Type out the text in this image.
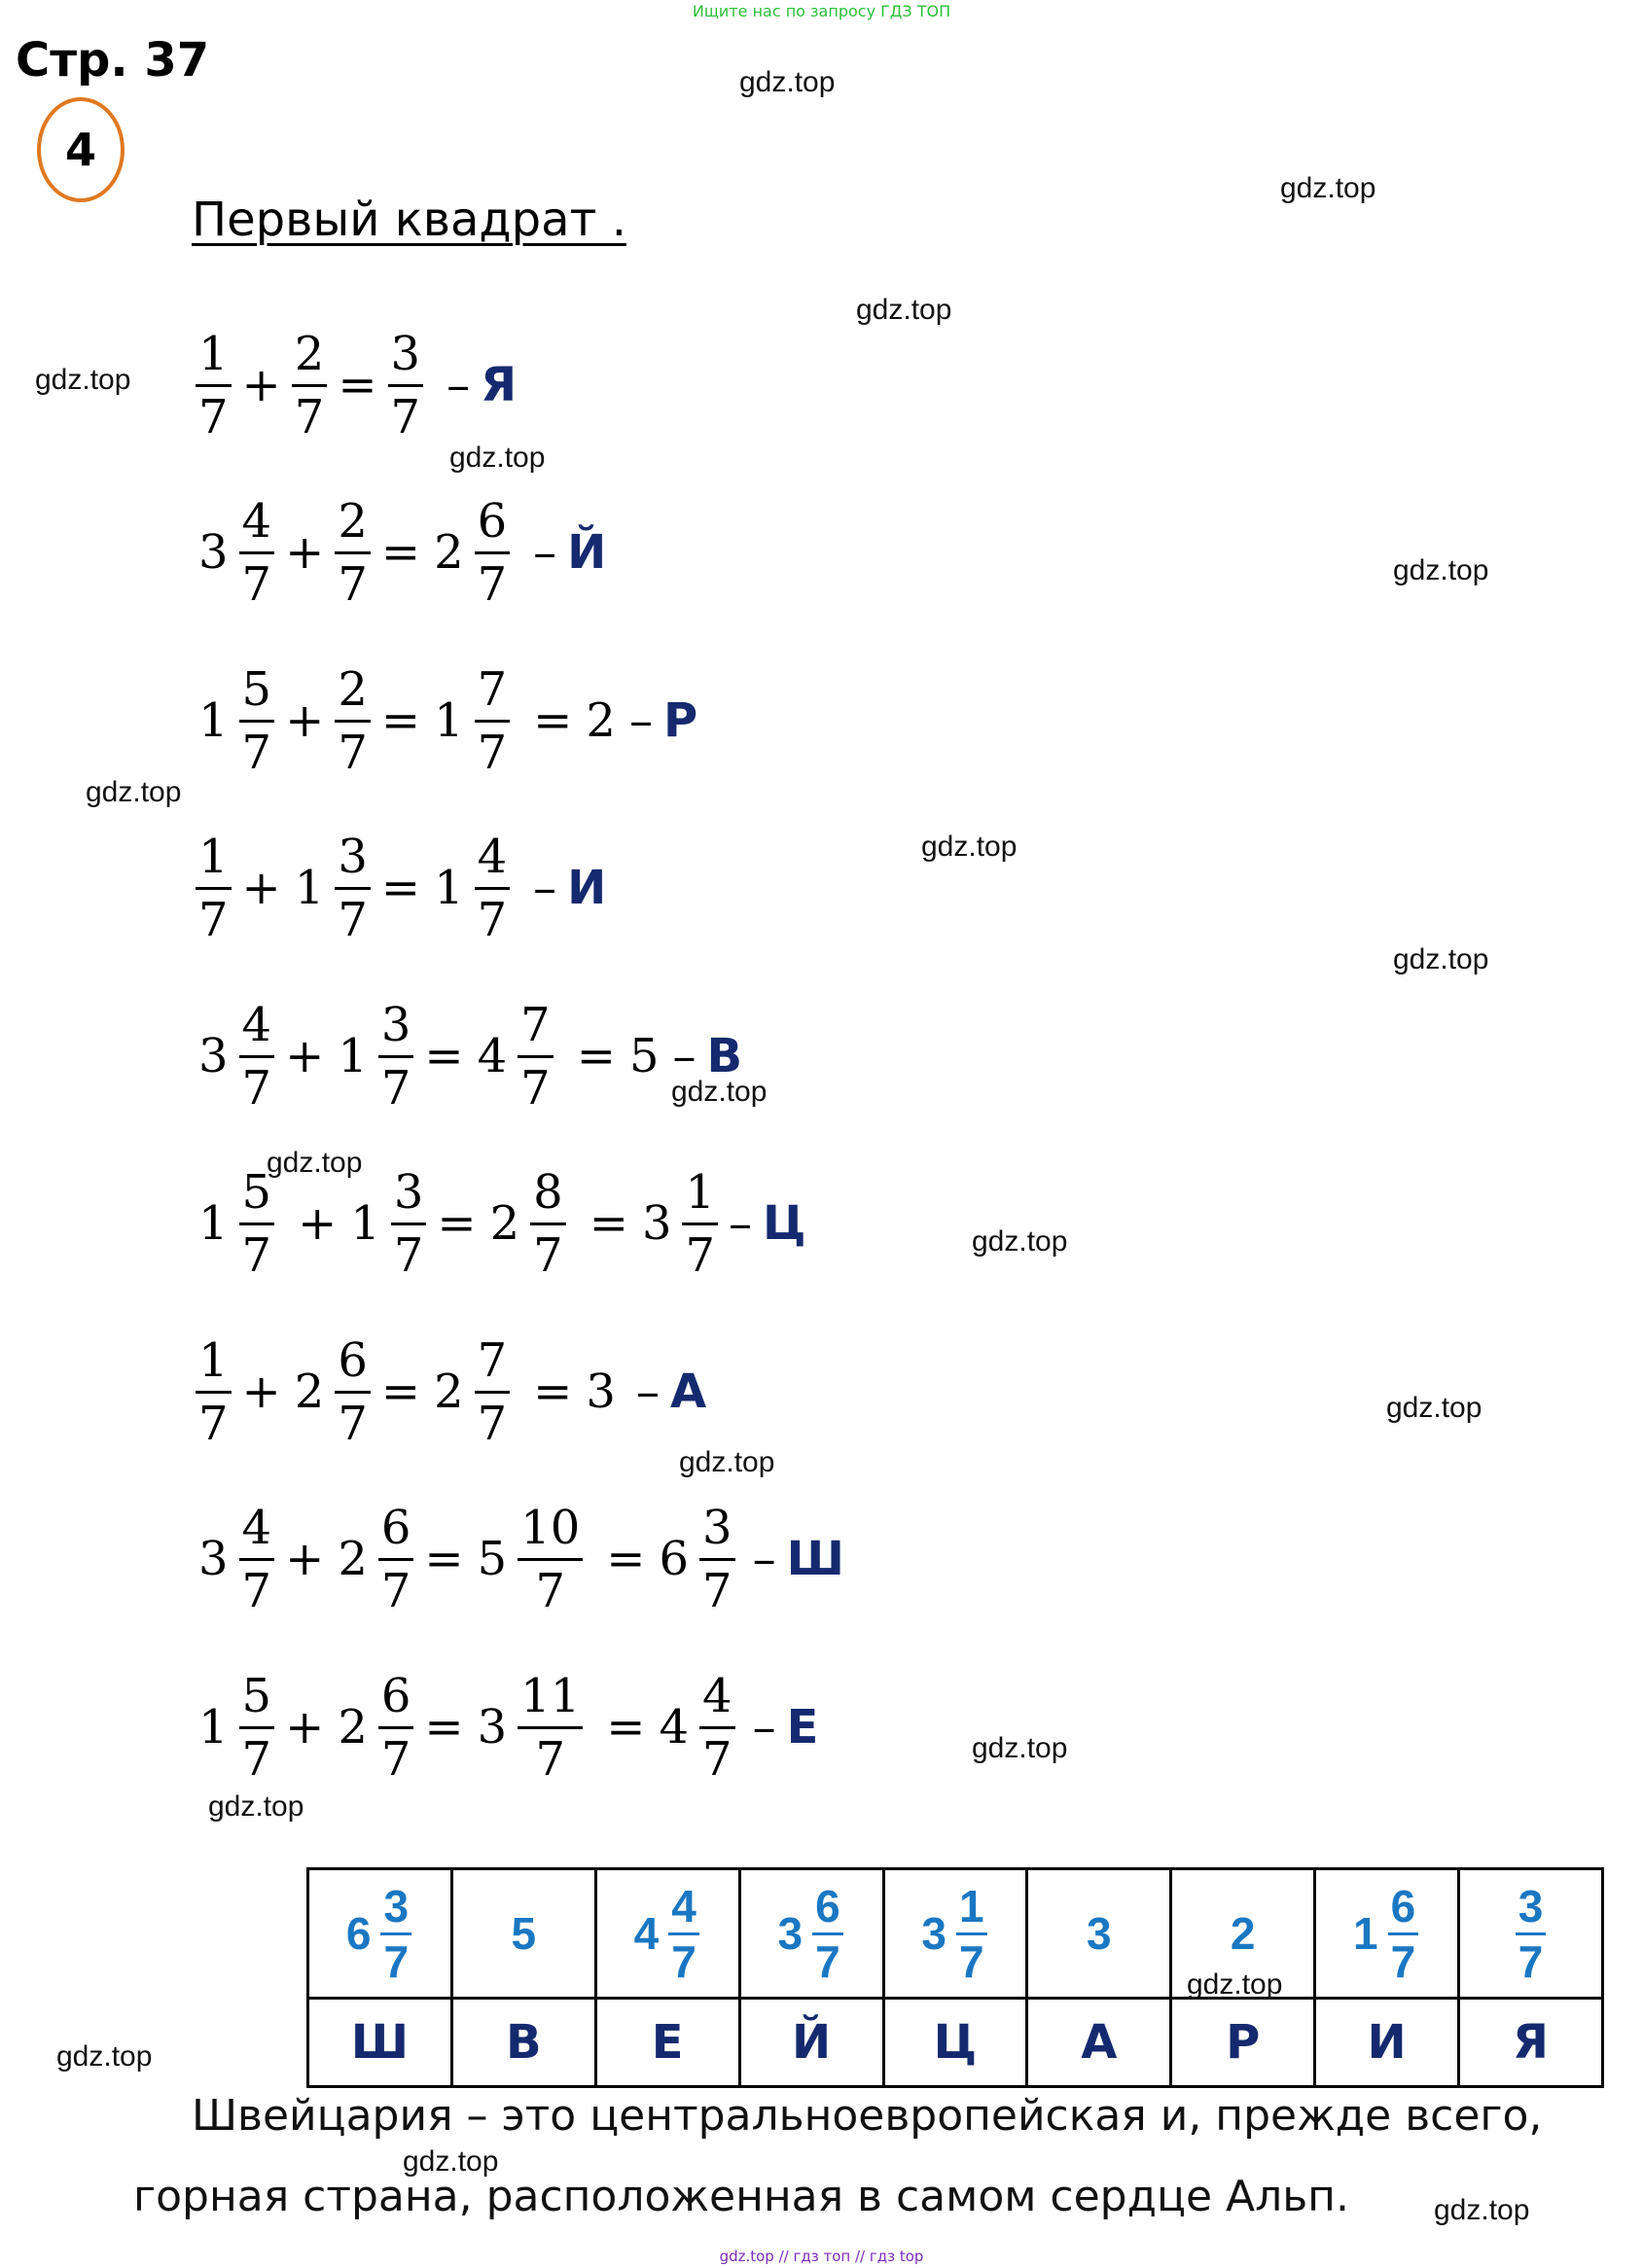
Ищите нас по запросу ГДЗ ТОП
Стр. 37
4
Первый квадрат .
$\frac{1}{7} + \frac{2}{7} = \frac{3}{7} - Я$
$3 \frac{4}{7} + \frac{2}{7} = 2 \frac{6}{7} - Й$
$1 \frac{5}{7} + \frac{2}{7} = 1 \frac{7}{7} = 2 - Р$
$\frac{1}{7} + 1 \frac{3}{7} = 1 \frac{4}{7} - И$
$3 \frac{4}{7} + 1 \frac{3}{7} = 4 \frac{7}{7} = 5 - В$
$1 \frac{5}{7} + 1 \frac{3}{7} = 2 \frac{8}{7} = 3 \frac{1}{7} - Ц$
$\frac{1}{7} + 2 \frac{6}{7} = 2 \frac{7}{7} = 3 - А$
$3 \frac{4}{7} + 2 \frac{6}{7} = 5 \frac{10}{7} = 6 \frac{3}{7} - Ш$
$1 \frac{5}{7} + 2 \frac{6}{7} = 3 \frac{11}{7} = 4 \frac{4}{7} - Е$
$6 \frac{3}{7}$	5	$4 \frac{4}{7}$	$3 \frac{6}{7}$	$3 \frac{1}{7}$	3	2	$1 \frac{6}{7}$	$\frac{3}{7}$

Ш	В	Е	Й	Ц	А	Р	И	Я
Швейцария – это центральноевропейская и, прежде всего,
горная страна, расположенная в самом сердце Альп.
gdz.top
gdz.top
gdz.top
gdz.top
gdz.top
gdz.top
gdz.top
gdz.top
gdz.top
gdz.top
gdz.top
gdz.top
gdz.top
gdz.top
gdz.top
gdz.top
gdz.top
gdz.top
gdz.top
gdz.top
gdz.top // гдз топ // гдз top
